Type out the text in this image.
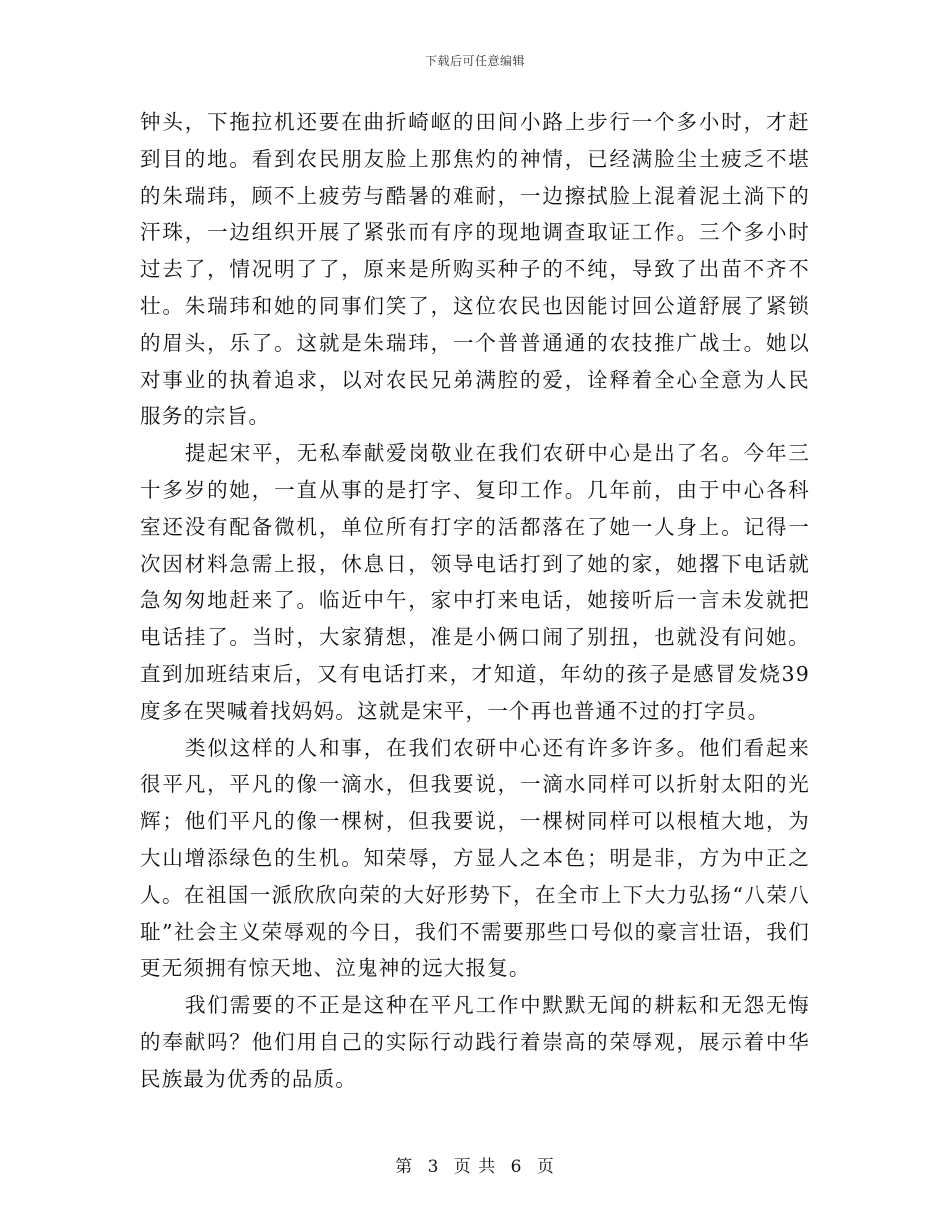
下载后可任意编辑

钟头，下拖拉机还要在曲折崎岖的田间小路上步行一个多小时，才赶到目的地。看到农民朋友脸上那焦灼的神情，已经满脸尘土疲乏不堪的朱瑞玮，顾不上疲劳与酷暑的难耐，一边擦拭脸上混着泥土淌下的汗珠，一边组织开展了紧张而有序的现地调查取证工作。三个多小时过去了，情况明了了，原来是所购买种子的不纯，导致了出苗不齐不壮。朱瑞玮和她的同事们笑了，这位农民也因能讨回公道舒展了紧锁的眉头，乐了。这就是朱瑞玮，一个普普通通的农技推广战士。她以对事业的执着追求，以对农民兄弟满腔的爱，诠释着全心全意为人民服务的宗旨。

提起宋平，无私奉献爱岗敬业在我们农研中心是出了名。今年三十多岁的她，一直从事的是打字、复印工作。几年前，由于中心各科室还没有配备微机，单位所有打字的活都落在了她一人身上。记得一次因材料急需上报，休息日，领导电话打到了她的家，她撂下电话就急匆匆地赶来了。临近中午，家中打来电话，她接听后一言未发就把电话挂了。当时，大家猜想，准是小俩口闹了别扭，也就没有问她。直到加班结束后，又有电话打来，才知道，年幼的孩子是感冒发烧39度多在哭喊着找妈妈。这就是宋平，一个再也普通不过的打字员。

类似这样的人和事，在我们农研中心还有许多许多。他们看起来很平凡，平凡的像一滴水，但我要说，一滴水同样可以折射太阳的光辉；他们平凡的像一棵树，但我要说，一棵树同样可以根植大地，为大山增添绿色的生机。知荣辱，方显人之本色；明是非，方为中正之人。在祖国一派欣欣向荣的大好形势下，在全市上下大力弘扬“八荣八耻”社会主义荣辱观的今日，我们不需要那些口号似的豪言壮语，我们更无须拥有惊天地、泣鬼神的远大报复。

我们需要的不正是这种在平凡工作中默默无闻的耕耘和无怨无悔的奉献吗？他们用自己的实际行动践行着崇高的荣辱观，展示着中华民族最为优秀的品质。

第 3 页 共 6 页
